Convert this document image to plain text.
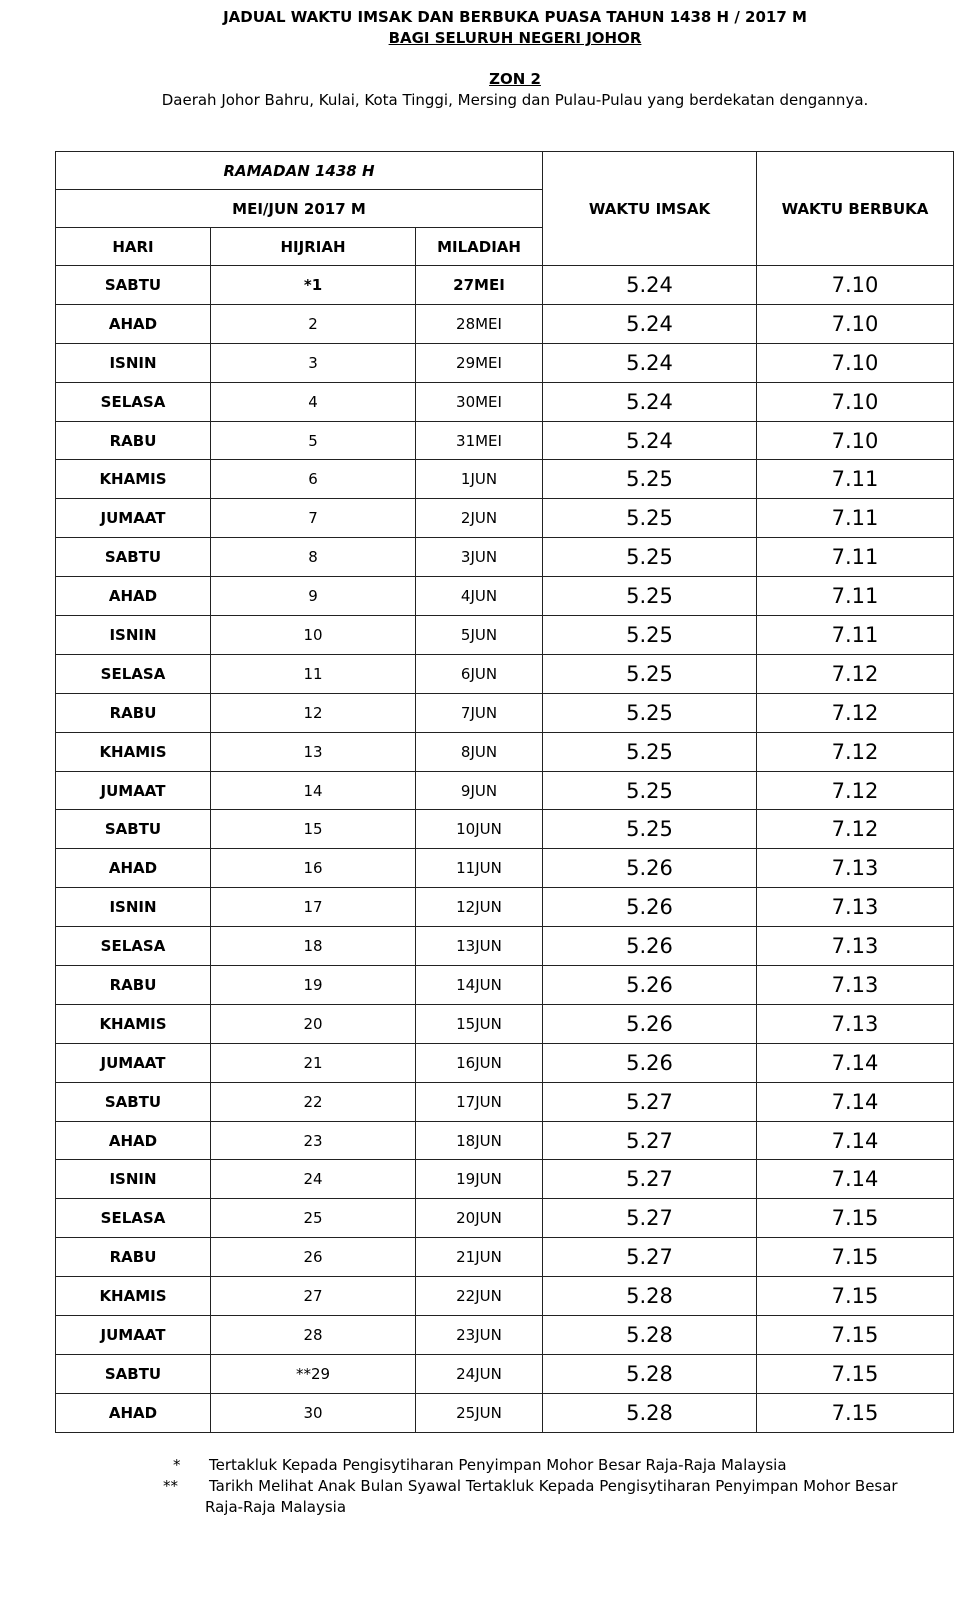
JADUAL WAKTU IMSAK DAN BERBUKA PUASA TAHUN 1438 H / 2017 M
BAGI SELURUH NEGERI JOHOR
ZON 2
Daerah Johor Bahru, Kulai, Kota Tinggi, Mersing dan Pulau-Pulau yang berdekatan dengannya.
RAMADAN 1438 H			WAKTU IMSAK	WAKTU BERBUKA
MEI/JUN 2017 M				
HARI	HIJRIAH	MILADIAH		
SABTU	*1	27MEI	5.24	7.10
AHAD	2	28MEI	5.24	7.10
ISNIN	3	29MEI	5.24	7.10
SELASA	4	30MEI	5.24	7.10
RABU	5	31MEI	5.24	7.10
KHAMIS	6	1JUN	5.25	7.11
JUMAAT	7	2JUN	5.25	7.11
SABTU	8	3JUN	5.25	7.11
AHAD	9	4JUN	5.25	7.11
ISNIN	10	5JUN	5.25	7.11
SELASA	11	6JUN	5.25	7.12
RABU	12	7JUN	5.25	7.12
KHAMIS	13	8JUN	5.25	7.12
JUMAAT	14	9JUN	5.25	7.12
SABTU	15	10JUN	5.25	7.12
AHAD	16	11JUN	5.26	7.13
ISNIN	17	12JUN	5.26	7.13
SELASA	18	13JUN	5.26	7.13
RABU	19	14JUN	5.26	7.13
KHAMIS	20	15JUN	5.26	7.13
JUMAAT	21	16JUN	5.26	7.14
SABTU	22	17JUN	5.27	7.14
AHAD	23	18JUN	5.27	7.14
ISNIN	24	19JUN	5.27	7.14
SELASA	25	20JUN	5.27	7.15
RABU	26	21JUN	5.27	7.15
KHAMIS	27	22JUN	5.28	7.15
JUMAAT	28	23JUN	5.28	7.15
SABTU	**29	24JUN	5.28	7.15
AHAD	30	25JUN	5.28	7.15
* Tertakluk Kepada Pengisytiharan Penyimpan Mohor Besar Raja-Raja Malaysia
** Tarikh Melihat Anak Bulan Syawal Tertakluk Kepada Pengisytiharan Penyimpan Mohor Besar
Raja-Raja Malaysia
